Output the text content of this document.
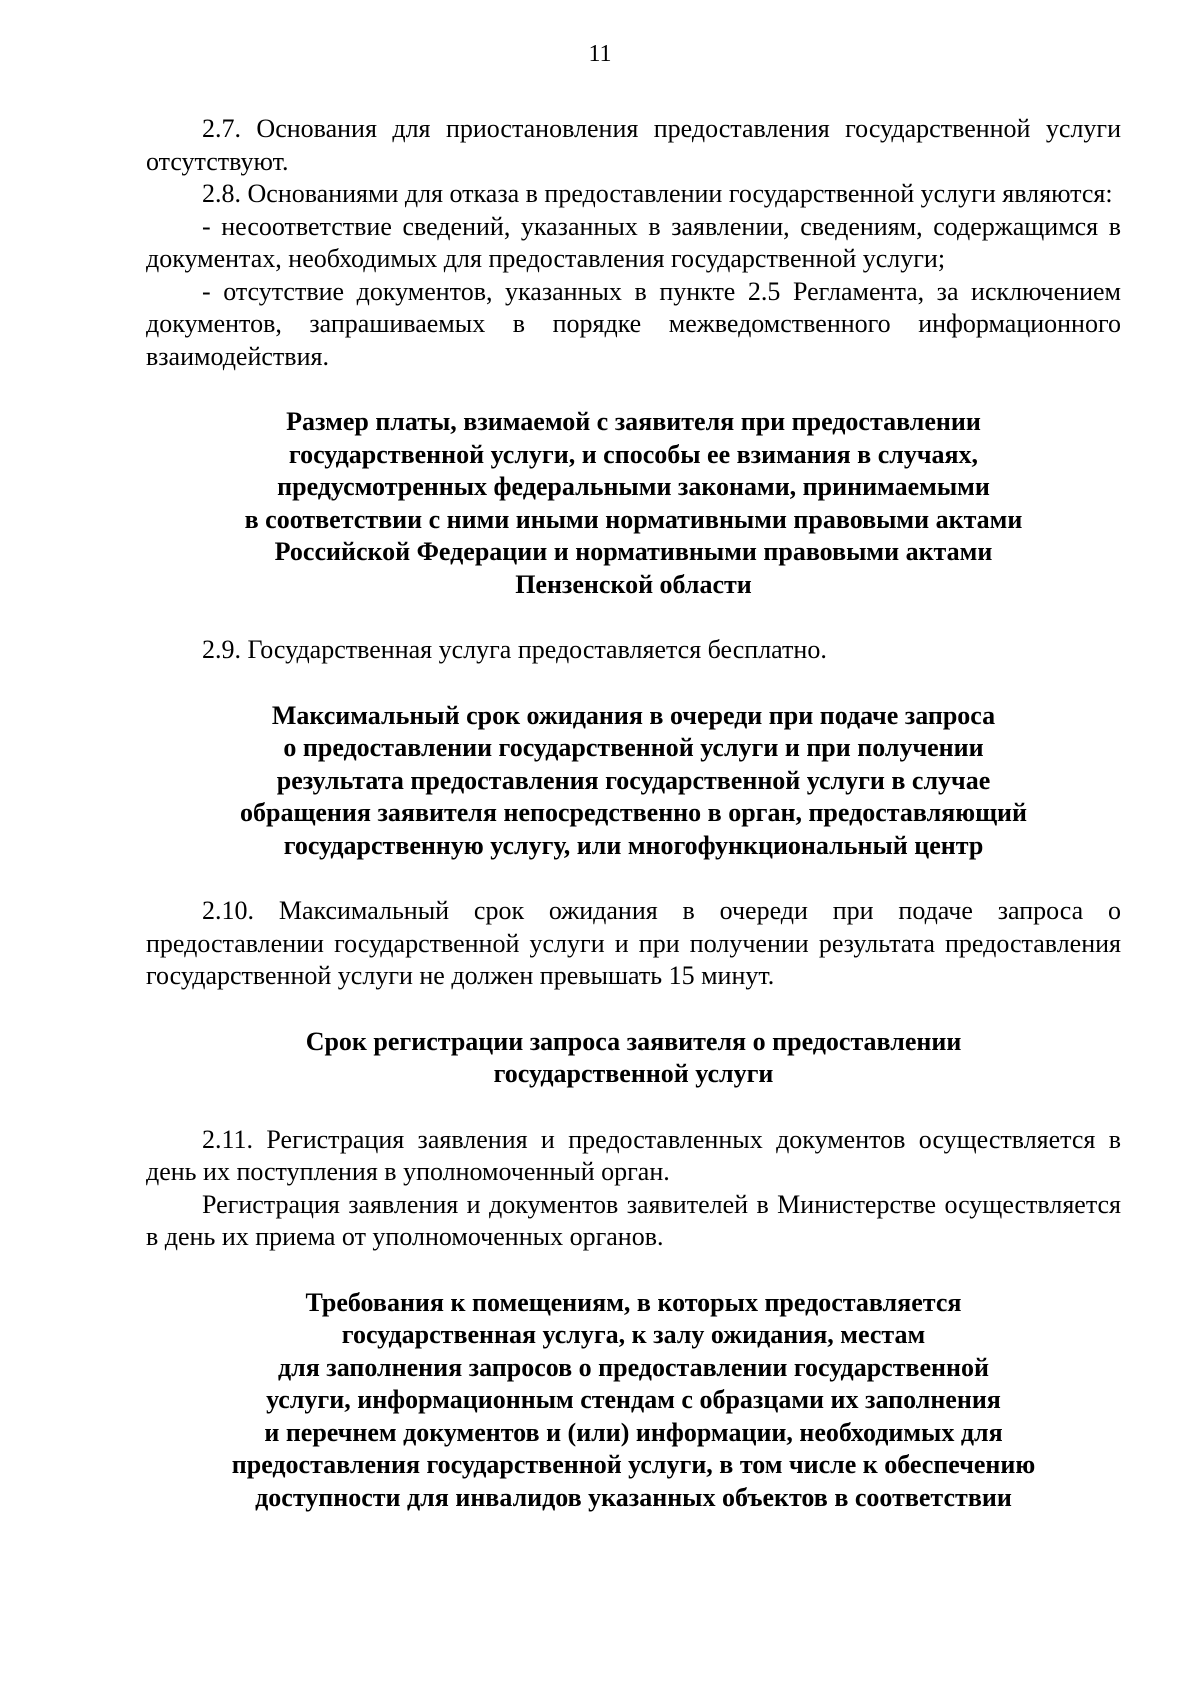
11

2.7. Основания для приостановления предоставления государственной услуги отсутствуют.

2.8. Основаниями для отказа в предоставлении государственной услуги являются:

- несоответствие сведений, указанных в заявлении, сведениям, содержащимся в документах, необходимых для предоставления государственной услуги;

- отсутствие документов, указанных в пункте 2.5 Регламента, за исключением документов, запрашиваемых в порядке межведомственного информационного взаимодействия.

Размер платы, взимаемой с заявителя при предоставлении

государственной услуги, и способы ее взимания в случаях,

предусмотренных федеральными законами, принимаемыми

в соответствии с ними иными нормативными правовыми актами

Российской Федерации и нормативными правовыми актами

Пензенской области

2.9. Государственная услуга предоставляется бесплатно.

Максимальный срок ожидания в очереди при подаче запроса

о предоставлении государственной услуги и при получении

результата предоставления государственной услуги в случае

обращения заявителя непосредственно в орган, предоставляющий

государственную услугу, или многофункциональный центр

2.10. Максимальный срок ожидания в очереди при подаче запроса о предоставлении государственной услуги и при получении результата предоставления государственной услуги не должен превышать 15 минут.

Срок регистрации запроса заявителя о предоставлении

государственной услуги

2.11. Регистрация заявления и предоставленных документов осуществляется в день их поступления в уполномоченный орган.

Регистрация заявления и документов заявителей в Министерстве осуществляется в день их приема от уполномоченных органов.

Требования к помещениям, в которых предоставляется

государственная услуга, к залу ожидания, местам

для заполнения запросов о предоставлении государственной

услуги, информационным стендам с образцами их заполнения

и перечнем документов и (или) информации, необходимых для

предоставления государственной услуги, в том числе к обеспечению

доступности для инвалидов указанных объектов в соответствии
